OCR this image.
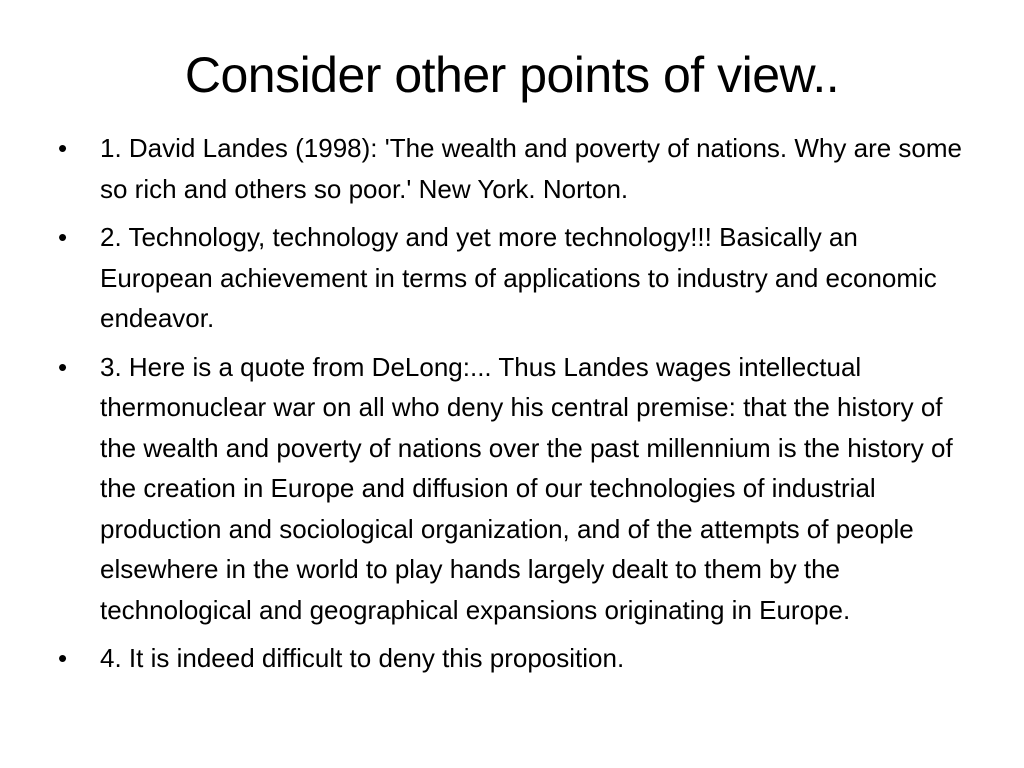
Consider other points of view..
•	1. David Landes (1998): 'The wealth and poverty of nations. Why are some so rich and others so poor.' New York. Norton.
•	2. Technology, technology and yet more technology!!! Basically an European achievement in terms of applications to industry and economic endeavor.
•	3. Here is a quote from DeLong:... Thus Landes wages intellectual thermonuclear war on all who deny his central premise: that the history of the wealth and poverty of nations over the past millennium is the history of the creation in Europe and diffusion of our technologies of industrial production and sociological organization, and of the attempts of people elsewhere in the world to play hands largely dealt to them by the technological and geographical expansions originating in Europe.
•	4. It is indeed difficult to deny this proposition.
